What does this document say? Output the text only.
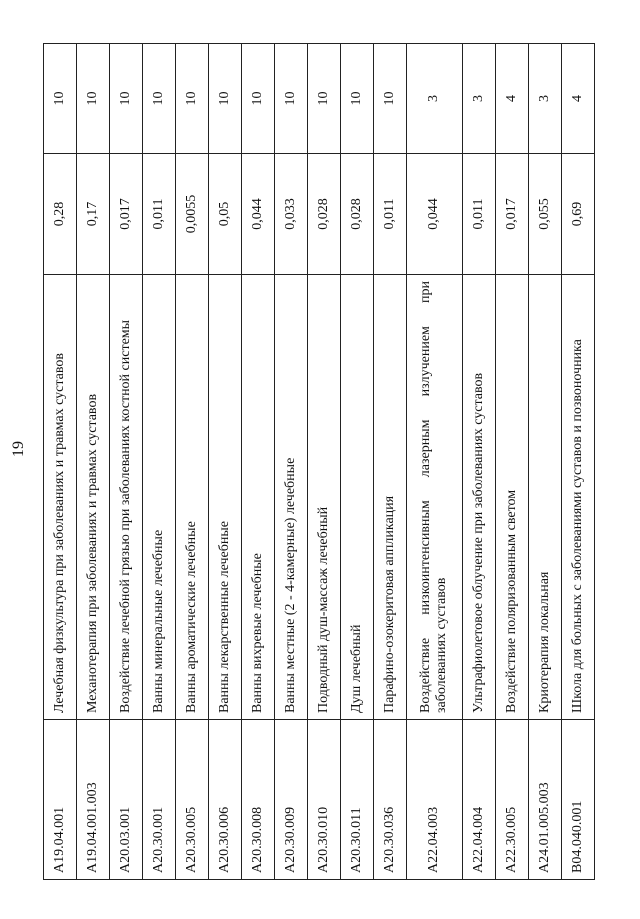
19
A19.04.001	Лечебная физкультура при заболеваниях и травмах суставов	0,28	10
A19.04.001.003	Механотерапия при заболеваниях и травмах суставов	0,17	10
A20.03.001	Воздействие лечебной грязью при заболеваниях костной системы	0,017	10
A20.30.001	Ванны минеральные лечебные	0,011	10
A20.30.005	Ванны ароматические лечебные	0,0055	10
A20.30.006	Ванны лекарственные лечебные	0,05	10
A20.30.008	Ванны вихревые лечебные	0,044	10
A20.30.009	Ванны местные (2 - 4-камерные) лечебные	0,033	10
A20.30.010	Подводный душ-массаж лечебный	0,028	10
A20.30.011	Душ лечебный	0,028	10
A20.30.036	Парафино-озокеритовая аппликация	0,011	10
A22.04.003	Воздействие низкоинтенсивным лазерным излучением при заболеваниях суставов	0,044	3
A22.04.004	Ультрафиолетовое облучение при заболеваниях суставов	0,011	3
A22.30.005	Воздействие поляризованным светом	0,017	4
A24.01.005.003	Криотерапия локальная	0,055	3
B04.040.001	Школа для больных с заболеваниями суставов и позвоночника	0,69	4
